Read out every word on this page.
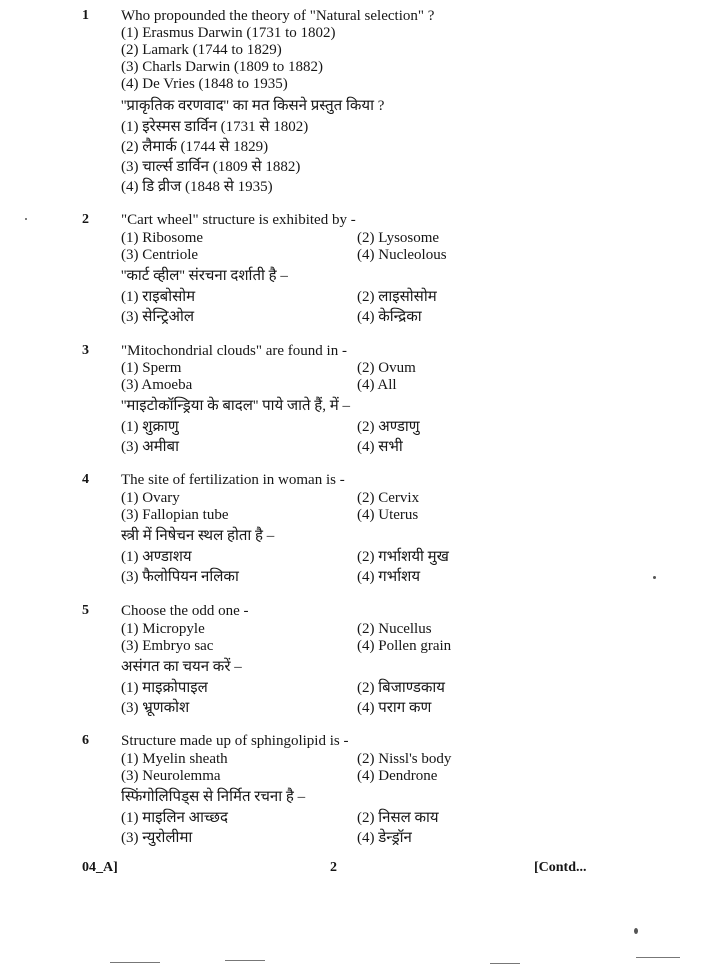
1 Who propounded the theory of "Natural selection" ?
(1) Erasmus Darwin (1731 to 1802)
(2) Lamark (1744 to 1829)
(3) Charls Darwin (1809 to 1882)
(4) De Vries (1848 to 1935)
''प्राकृतिक वरणवाद'' का मत किसने प्रस्तुत किया ?
(1) इरेस्मस डार्विन (1731 से 1802)
(2) लैमार्क (1744 से 1829)
(3) चार्ल्स डार्विन (1809 से 1882)
(4) डि व्रीज (1848 से 1935)
2 "Cart wheel" structure is exhibited by -
(1) Ribosome	(2) Lysosome
(3) Centriole	(4) Nucleolous
''कार्ट व्हील'' संरचना दर्शाती है –
(1) राइबोसोम	(2) लाइसोसोम
(3) सेन्ट्रिओल	(4) केन्द्रिका
3 "Mitochondrial clouds" are found in -
(1) Sperm	(2) Ovum
(3) Amoeba	(4) All
''माइटोकॉन्ड्रिया के बादल'' पाये जाते हैं, में –
(1) शुक्राणु	(2) अण्डाणु
(3) अमीबा	(4) सभी
4 The site of fertilization in woman is -
(1) Ovary	(2) Cervix
(3) Fallopian tube	(4) Uterus
स्त्री में निषेचन स्थल होता है –
(1) अण्डाशय	(2) गर्भाशयी मुख
(3) फैलोपियन नलिका	(4) गर्भाशय
5 Choose the odd one -
(1) Micropyle	(2) Nucellus
(3) Embryo sac	(4) Pollen grain
असंगत का चयन करें –
(1) माइक्रोपाइल	(2) बिजाण्डकाय
(3) भ्रूणकोश	(4) पराग कण
6 Structure made up of sphingolipid is -
(1) Myelin sheath	(2) Nissl's body
(3) Neurolemma	(4) Dendrone
स्फिंगोलिपिड्स से निर्मित रचना है –
(1) माइलिन आच्छद	(2) निसल काय
(3) न्युरोलीमा	(4) डेन्ड्रॉन
04_A]	2	[Contd...
